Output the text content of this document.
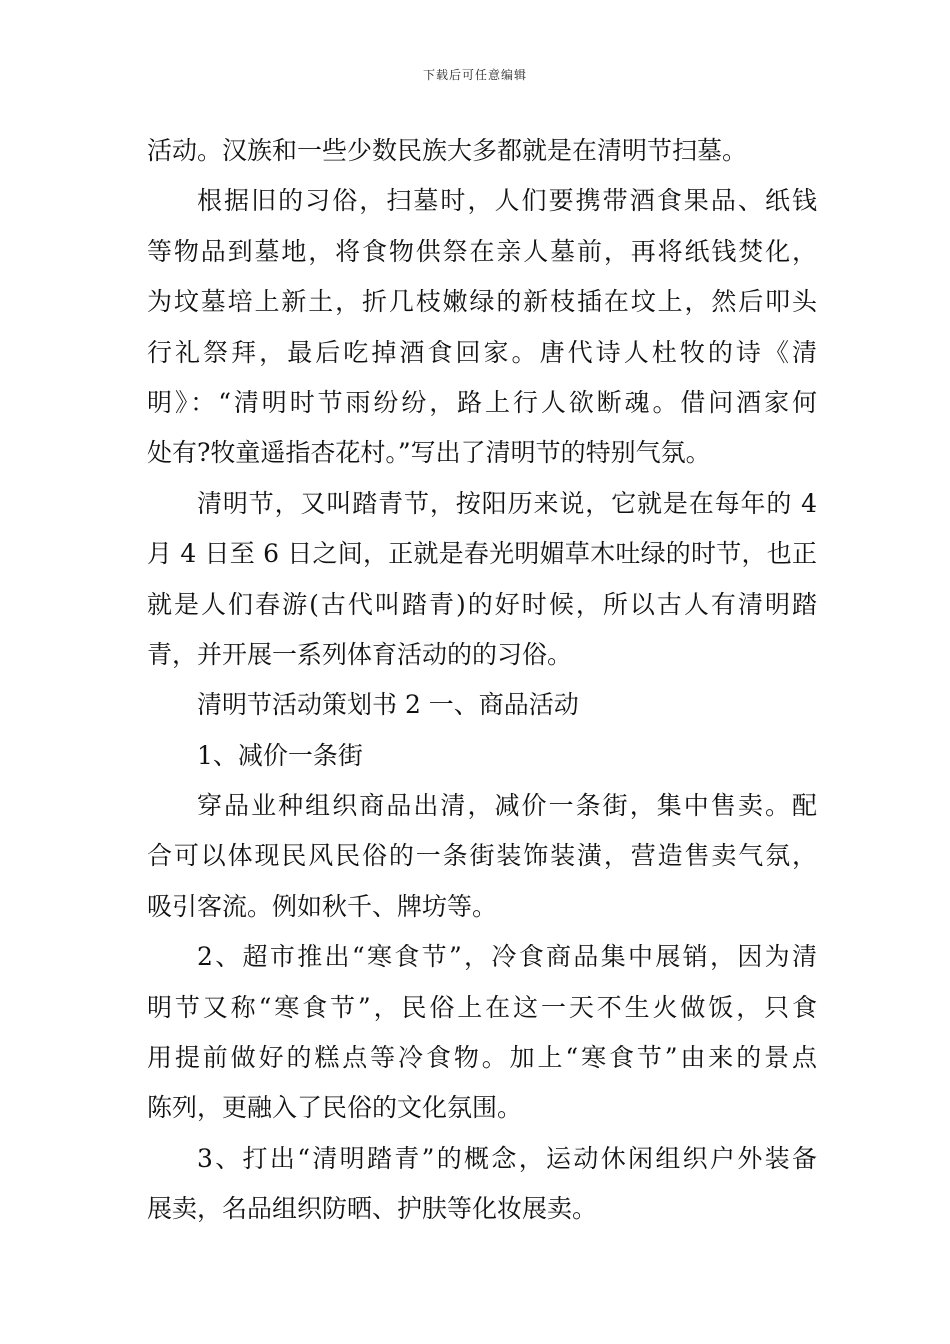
下载后可任意编辑
活动。汉族和一些少数民族大多都就是在清明节扫墓。
根据旧的习俗，扫墓时，人们要携带酒食果品、纸钱
等物品到墓地，将食物供祭在亲人墓前，再将纸钱焚化，
为坟墓培上新土，折几枝嫩绿的新枝插在坟上，然后叩头
行礼祭拜，最后吃掉酒食回家。唐代诗人杜牧的诗《清
明》：“清明时节雨纷纷，路上行人欲断魂。借问酒家何
处有?牧童遥指杏花村。”写出了清明节的特别气氛。
清明节，又叫踏青节，按阳历来说，它就是在每年的 4
月 4 日至 6 日之间，正就是春光明媚草木吐绿的时节，也正
就是人们春游(古代叫踏青)的好时候，所以古人有清明踏
青，并开展一系列体育活动的的习俗。
清明节活动策划书 2 一、商品活动
1、减价一条街
穿品业种组织商品出清，减价一条街，集中售卖。配
合可以体现民风民俗的一条街装饰装潢，营造售卖气氛，
吸引客流。例如秋千、牌坊等。
2、超市推出“寒食节”，冷食商品集中展销，因为清
明节又称“寒食节”，民俗上在这一天不生火做饭，只食
用提前做好的糕点等冷食物。加上“寒食节”由来的景点
陈列，更融入了民俗的文化氛围。
3、打出“清明踏青”的概念，运动休闲组织户外装备
展卖，名品组织防晒、护肤等化妆展卖。
